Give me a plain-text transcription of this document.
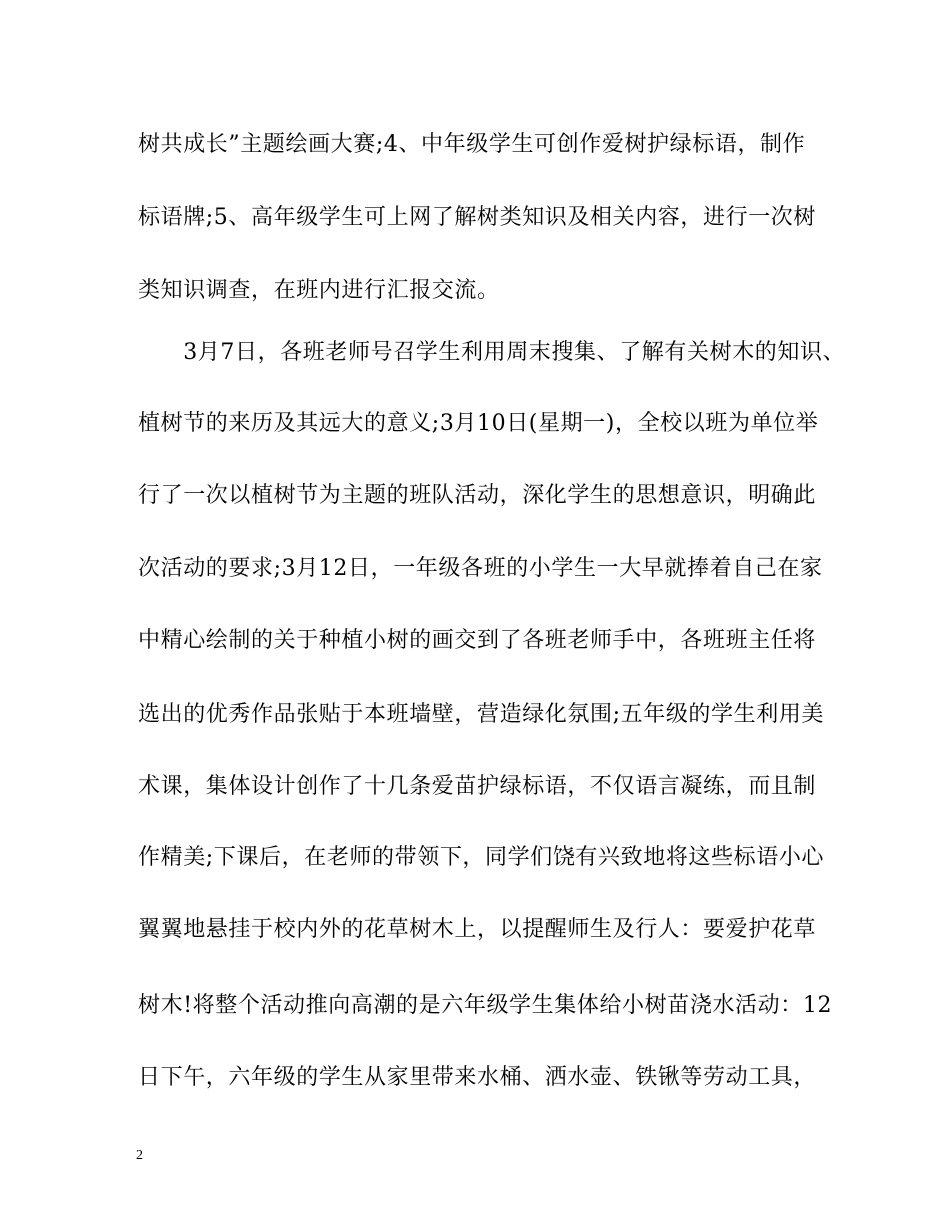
树共成长”主题绘画大赛;4、中年级学生可创作爱树护绿标语，制作
标语牌;5、高年级学生可上网了解树类知识及相关内容，进行一次树
类知识调查，在班内进行汇报交流。
　　3月7日，各班老师号召学生利用周末搜集、了解有关树木的知识、
植树节的来历及其远大的意义;3月10日(星期一)，全校以班为单位举
行了一次以植树节为主题的班队活动，深化学生的思想意识，明确此
次活动的要求;3月12日，一年级各班的小学生一大早就捧着自己在家
中精心绘制的关于种植小树的画交到了各班老师手中，各班班主任将
选出的优秀作品张贴于本班墙壁，营造绿化氛围;五年级的学生利用美
术课，集体设计创作了十几条爱苗护绿标语，不仅语言凝练，而且制
作精美;下课后，在老师的带领下，同学们饶有兴致地将这些标语小心
翼翼地悬挂于校内外的花草树木上，以提醒师生及行人：要爱护花草
树木!将整个活动推向高潮的是六年级学生集体给小树苗浇水活动：12
日下午，六年级的学生从家里带来水桶、洒水壶、铁锹等劳动工具，
2
